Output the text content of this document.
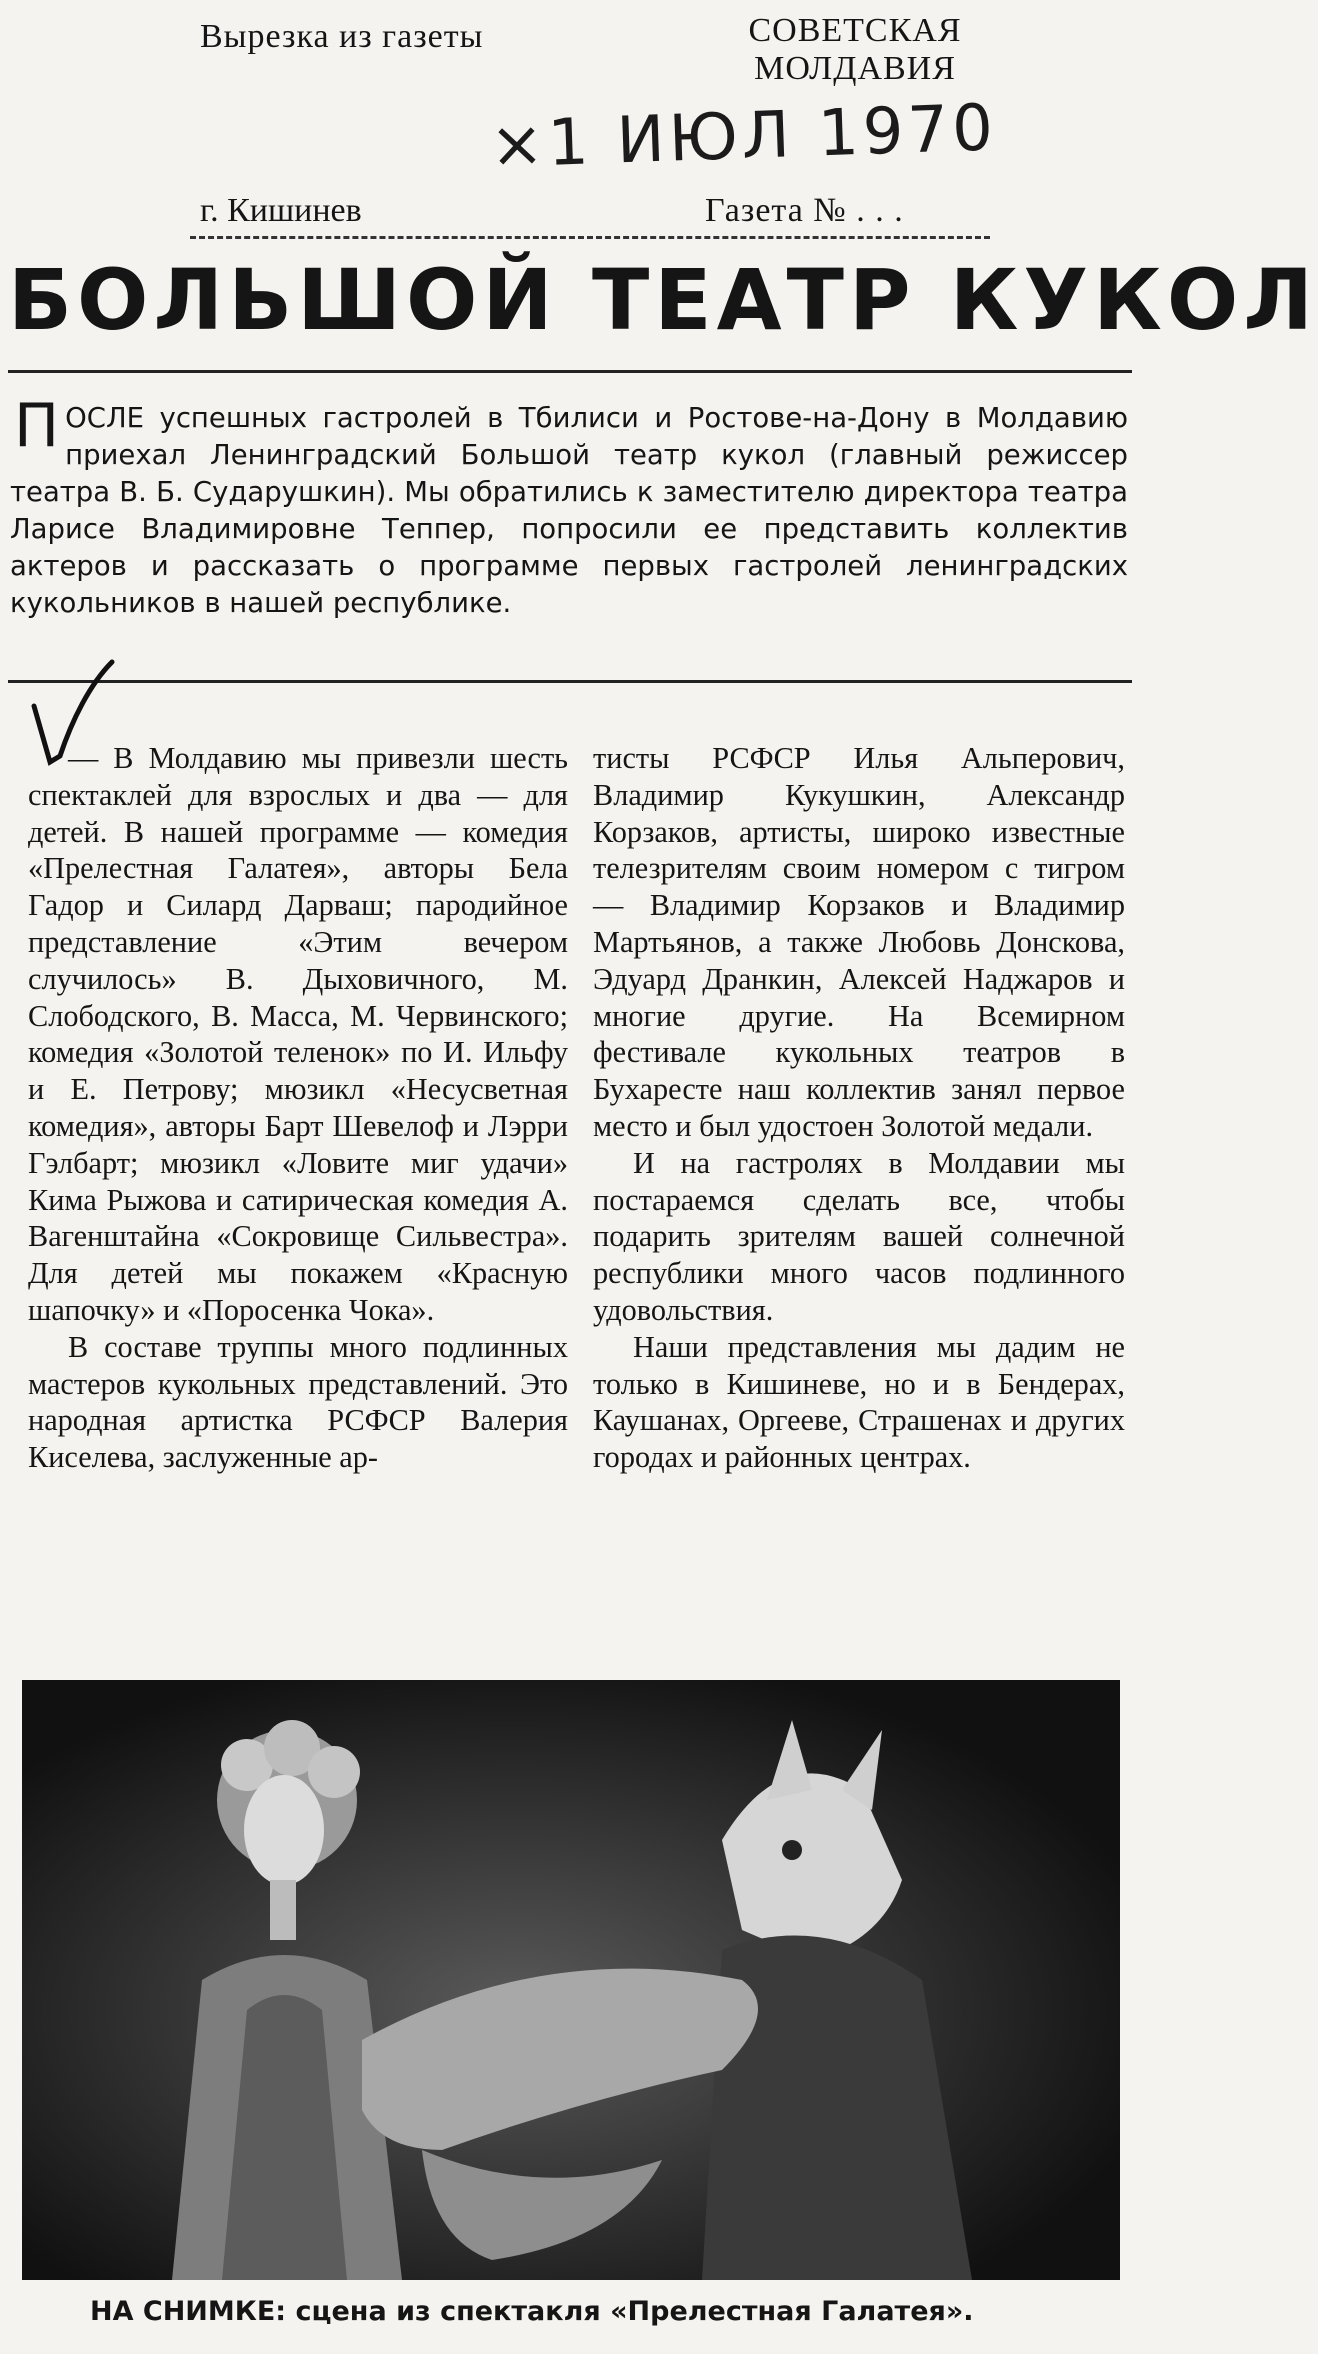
Вырезка из газеты	СОВЕТСКАЯ
МОЛДАВИЯ
×1 ИЮЛ 1970
г. Кишинев	Газета № . . .
БОЛЬШОЙ ТЕАТР КУКОЛ

П ОСЛЕ успешных гастролей в Тбилиси и Ростове-на-Дону в Молдавию приехал Ленинградский Большой театр кукол (главный режиссер театра В. Б. Сударушкин). Мы обратились к заместителю директора театра Ларисе Владимировне Теппер, попросили ее представить коллектив актеров и рассказать о программе первых гастролей ленинградских кукольников в нашей республике.

— В Молдавию мы привезли шесть спектаклей для взрослых и два — для детей. В нашей программе — комедия «Прелестная Галатея», авторы Бела Гадор и Силард Дарваш; пародийное представление «Этим вечером случилось» В. Дыховичного, М. Слободского, В. Масса, М. Червинского; комедия «Золотой теленок» по И. Ильфу и Е. Петрову; мюзикл «Несусветная комедия», авторы Барт Шевелоф и Лэрри Гэлбарт; мюзикл «Ловите миг удачи» Кима Рыжова и сатирическая комедия А. Вагенштайна «Сокровище Сильвестра». Для детей мы покажем «Красную шапочку» и «Поросенка Чока».

В составе труппы много подлинных мастеров кукольных представлений. Это народная артистка РСФСР Валерия Киселева, заслуженные ар-

тисты РСФСР Илья Альперович, Владимир Кукушкин, Александр Корзаков, артисты, широко известные телезрителям своим номером с тигром — Владимир Корзаков и Владимир Мартьянов, а также Любовь Донскова, Эдуард Дранкин, Алексей Наджаров и многие другие. На Всемирном фестивале кукольных театров в Бухаресте наш коллектив занял первое место и был удостоен Золотой медали.

И на гастролях в Молдавии мы постараемся сделать все, чтобы подарить зрителям вашей солнечной республики много часов подлинного удовольствия.

Наши представления мы дадим не только в Кишиневе, но и в Бендерах, Каушанах, Оргееве, Страшенах и других городах и районных центрах.

НА СНИМКЕ: сцена из спектакля «Прелестная Галатея».
